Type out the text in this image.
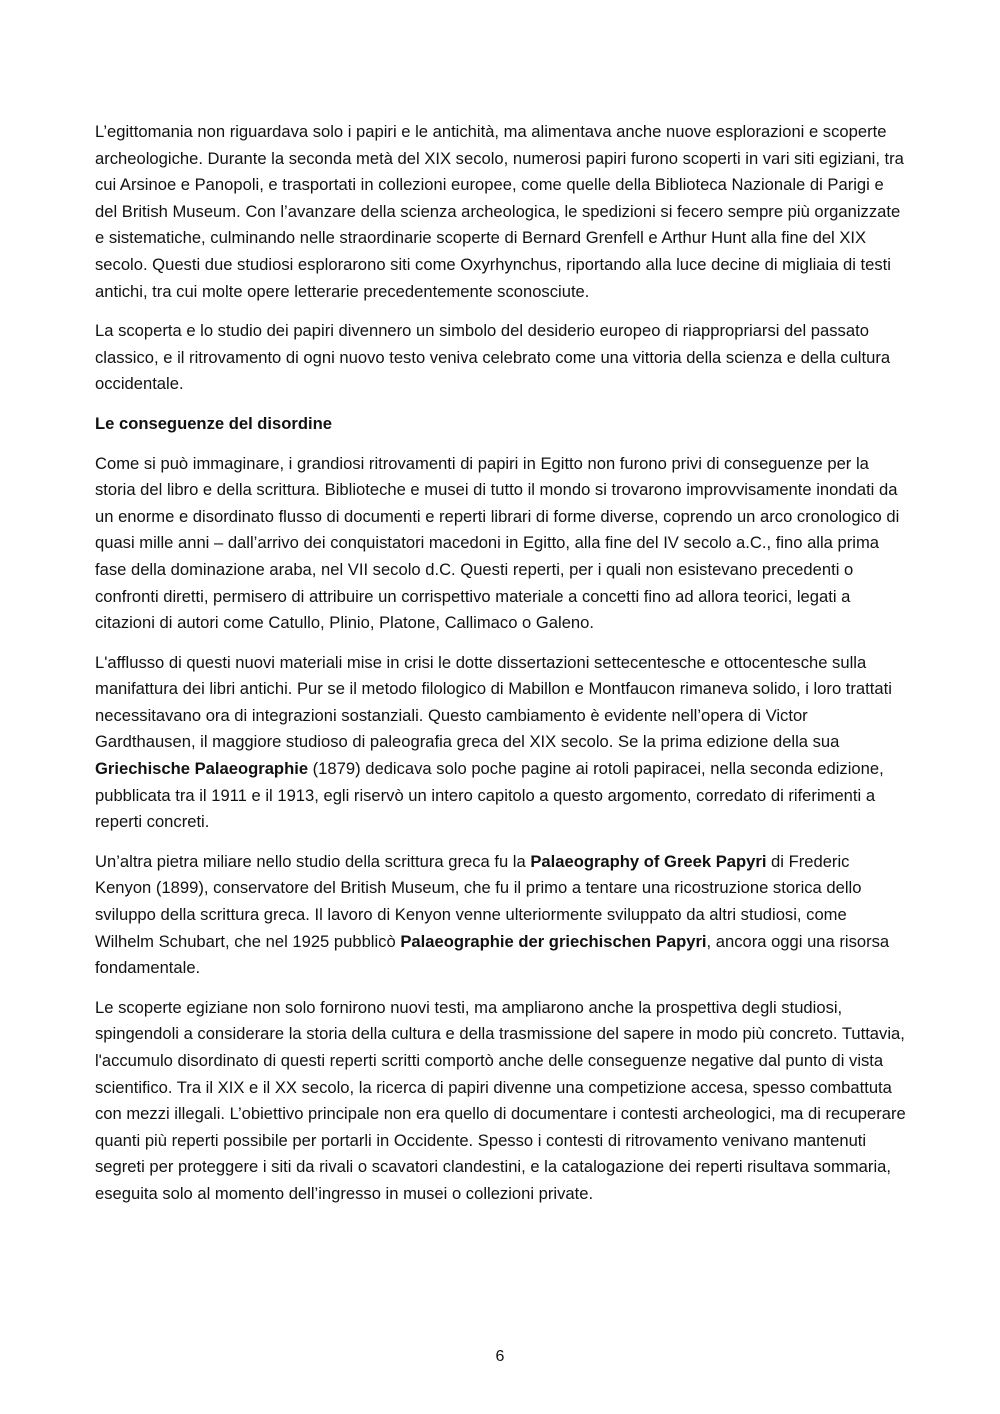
L’egittomania non riguardava solo i papiri e le antichità, ma alimentava anche nuove esplorazioni e scoperte archeologiche. Durante la seconda metà del XIX secolo, numerosi papiri furono scoperti in vari siti egiziani, tra cui Arsinoe e Panopoli, e trasportati in collezioni europee, come quelle della Biblioteca Nazionale di Parigi e del British Museum. Con l’avanzare della scienza archeologica, le spedizioni si fecero sempre più organizzate e sistematiche, culminando nelle straordinarie scoperte di Bernard Grenfell e Arthur Hunt alla fine del XIX secolo. Questi due studiosi esplorarono siti come Oxyrhynchus, riportando alla luce decine di migliaia di testi antichi, tra cui molte opere letterarie precedentemente sconosciute.

La scoperta e lo studio dei papiri divennero un simbolo del desiderio europeo di riappropriarsi del passato classico, e il ritrovamento di ogni nuovo testo veniva celebrato come una vittoria della scienza e della cultura occidentale.

Le conseguenze del disordine

Come si può immaginare, i grandiosi ritrovamenti di papiri in Egitto non furono privi di conseguenze per la storia del libro e della scrittura. Biblioteche e musei di tutto il mondo si trovarono improvvisamente inondati da un enorme e disordinato flusso di documenti e reperti librari di forme diverse, coprendo un arco cronologico di quasi mille anni – dall’arrivo dei conquistatori macedoni in Egitto, alla fine del IV secolo a.C., fino alla prima fase della dominazione araba, nel VII secolo d.C. Questi reperti, per i quali non esistevano precedenti o confronti diretti, permisero di attribuire un corrispettivo materiale a concetti fino ad allora teorici, legati a citazioni di autori come Catullo, Plinio, Platone, Callimaco o Galeno.

L'afflusso di questi nuovi materiali mise in crisi le dotte dissertazioni settecentesche e ottocentesche sulla manifattura dei libri antichi. Pur se il metodo filologico di Mabillon e Montfaucon rimaneva solido, i loro trattati necessitavano ora di integrazioni sostanziali. Questo cambiamento è evidente nell’opera di Victor Gardthausen, il maggiore studioso di paleografia greca del XIX secolo. Se la prima edizione della sua Griechische Palaeographie (1879) dedicava solo poche pagine ai rotoli papiracei, nella seconda edizione, pubblicata tra il 1911 e il 1913, egli riservò un intero capitolo a questo argomento, corredato di riferimenti a reperti concreti.

Un’altra pietra miliare nello studio della scrittura greca fu la Palaeography of Greek Papyri di Frederic Kenyon (1899), conservatore del British Museum, che fu il primo a tentare una ricostruzione storica dello sviluppo della scrittura greca. Il lavoro di Kenyon venne ulteriormente sviluppato da altri studiosi, come Wilhelm Schubart, che nel 1925 pubblicò Palaeographie der griechischen Papyri, ancora oggi una risorsa fondamentale.

Le scoperte egiziane non solo fornirono nuovi testi, ma ampliarono anche la prospettiva degli studiosi, spingendoli a considerare la storia della cultura e della trasmissione del sapere in modo più concreto. Tuttavia, l'accumulo disordinato di questi reperti scritti comportò anche delle conseguenze negative dal punto di vista scientifico. Tra il XIX e il XX secolo, la ricerca di papiri divenne una competizione accesa, spesso combattuta con mezzi illegali. L’obiettivo principale non era quello di documentare i contesti archeologici, ma di recuperare quanti più reperti possibile per portarli in Occidente. Spesso i contesti di ritrovamento venivano mantenuti segreti per proteggere i siti da rivali o scavatori clandestini, e la catalogazione dei reperti risultava sommaria, eseguita solo al momento dell’ingresso in musei o collezioni private.

6
